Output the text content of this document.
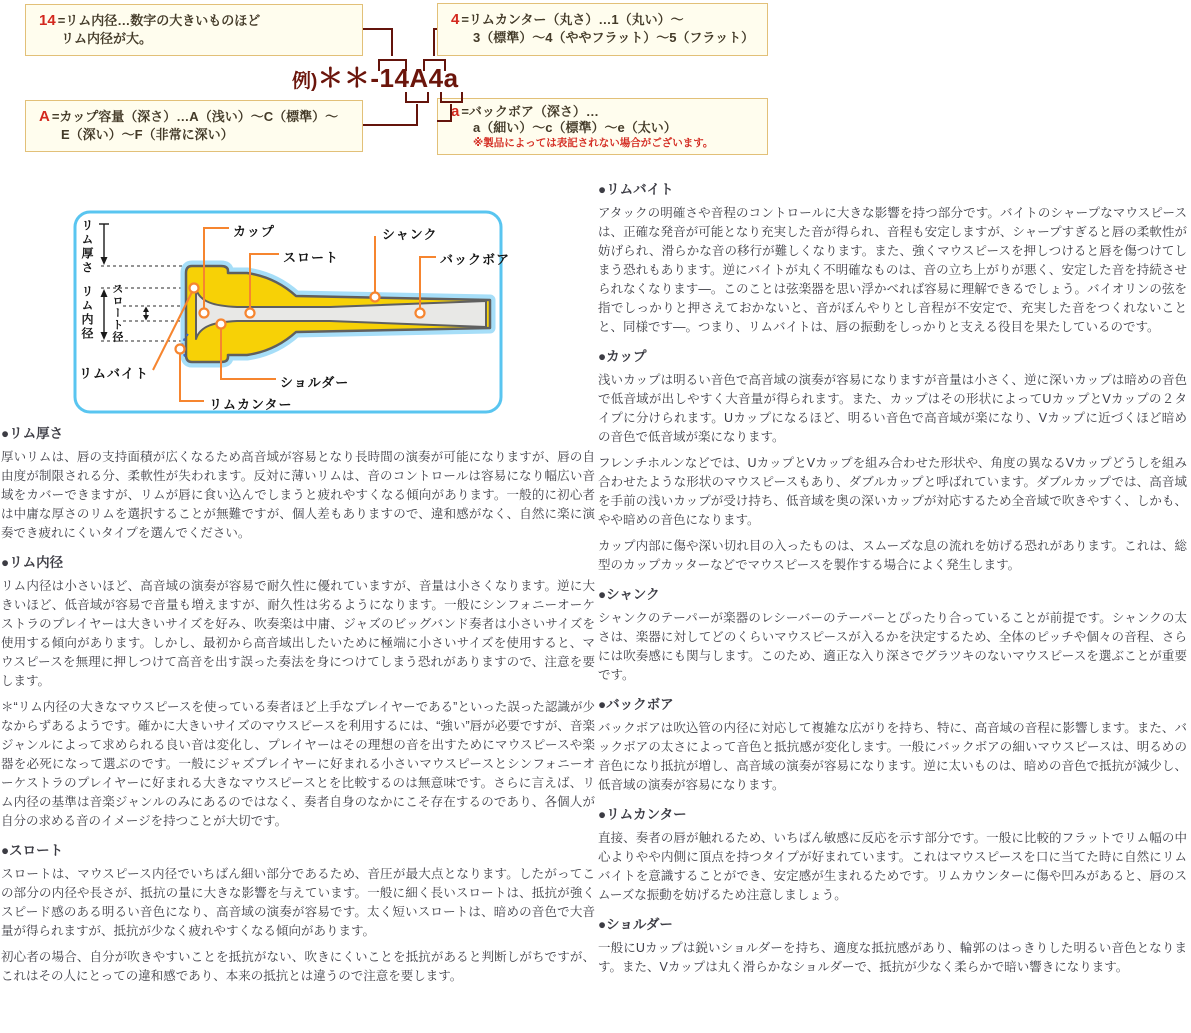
14 =リム内径…数字の大きいものほど
リム内径が大。
4 =リムカンター（丸さ）…1（丸い）～
3（標準）～4（ややフラット）～5（フラット）
A =カップ容量（深さ）…A（浅い）～C（標準）～
E（深い）～F（非常に深い）
a =バックボア（深さ）…
a（細い）～c（標準）～e（太い）
※製品によっては表記されない場合がございます。
例)＊＊-14A4a
リム厚さ
リム内径 スロート径
カップ
スロート
シャンク
バックボア
リムバイト
ショルダー
リムカンター
●リム厚さ

厚いリムは、唇の支持面積が広くなるため高音域が容易となり長時間の演奏が可能になりますが、唇の自由度が制限される分、柔軟性が失われます。反対に薄いリムは、音のコントロールは容易になり幅広い音域をカバーできますが、リムが唇に食い込んでしまうと疲れやすくなる傾向があります。一般的に初心者は中庸な厚さのリムを選択することが無難ですが、個人差もありますので、違和感がなく、自然に楽に演奏でき疲れにくいタイプを選んでください。

●リム内径

リム内径は小さいほど、高音域の演奏が容易で耐久性に優れていますが、音量は小さくなります。逆に大きいほど、低音域が容易で音量も増えますが、耐久性は劣るようになります。一般にシンフォニーオーケストラのプレイヤーは大きいサイズを好み、吹奏楽は中庸、ジャズのビッグバンド奏者は小さいサイズを使用する傾向があります。しかし、最初から高音域出したいために極端に小さいサイズを使用すると、マウスピースを無理に押しつけて高音を出す誤った奏法を身につけてしまう恐れがありますので、注意を要します。

＊“リム内径の大きなマウスピースを使っている奏者ほど上手なプレイヤーである”といった誤った認識が少なからずあるようです。確かに大きいサイズのマウスピースを利用するには、“強い”唇が必要ですが、音楽ジャンルによって求められる良い音は変化し、プレイヤーはその理想の音を出すためにマウスピースや楽器を必死になって選ぶのです。一般にジャズプレイヤーに好まれる小さいマウスピースとシンフォニーオーケストラのプレイヤーに好まれる大きなマウスピースとを比較するのは無意味です。さらに言えば、リム内径の基準は音楽ジャンルのみにあるのではなく、奏者自身のなかにこそ存在するのであり、各個人が自分の求める音のイメージを持つことが大切です。

●スロート

スロートは、マウスピース内径でいちばん細い部分であるため、音圧が最大点となります。したがってこの部分の内径や長さが、抵抗の量に大きな影響を与えています。一般に細く長いスロートは、抵抗が強くスピード感のある明るい音色になり、高音域の演奏が容易です。太く短いスロートは、暗めの音色で大音量が得られますが、抵抗が少なく疲れやすくなる傾向があります。

初心者の場合、自分が吹きやすいことを抵抗がない、吹きにくいことを抵抗があると判断しがちですが、これはその人にとっての違和感であり、本来の抵抗とは違うので注意を要します。

●リムバイト

アタックの明確さや音程のコントロールに大きな影響を持つ部分です。バイトのシャープなマウスピースは、正確な発音が可能となり充実した音が得られ、音程も安定しますが、シャープすぎると唇の柔軟性が妨げられ、滑らかな音の移行が難しくなります。また、強くマウスピースを押しつけると唇を傷つけてしまう恐れもあります。逆にバイトが丸く不明確なものは、音の立ち上がりが悪く、安定した音を持続させられなくなります―。このことは弦楽器を思い浮かべれば容易に理解できるでしょう。バイオリンの弦を指でしっかりと押さえておかないと、音がぼんやりとし音程が不安定で、充実した音をつくれないことと、同様です―。つまり、リムバイトは、唇の振動をしっかりと支える役目を果たしているのです。

●カップ

浅いカップは明るい音色で高音域の演奏が容易になりますが音量は小さく、逆に深いカップは暗めの音色で低音域が出しやすく大音量が得られます。また、カップはその形状によってUカップとVカップの２タイプに分けられます。Uカップになるほど、明るい音色で高音域が楽になり、Vカップに近づくほど暗めの音色で低音域が楽になります。

フレンチホルンなどでは、UカップとVカップを組み合わせた形状や、角度の異なるVカップどうしを組み合わせたような形状のマウスピースもあり、ダブルカップと呼ばれています。ダブルカップでは、高音域を手前の浅いカップが受け持ち、低音域を奥の深いカップが対応するため全音域で吹きやすく、しかも、やや暗めの音色になります。

カップ内部に傷や深い切れ目の入ったものは、スムーズな息の流れを妨げる恐れがあります。これは、総型のカップカッターなどでマウスピースを製作する場合によく発生します。

●シャンク

シャンクのテーパーが楽器のレシーバーのテーパーとぴったり合っていることが前提です。シャンクの太さは、楽器に対してどのくらいマウスピースが入るかを決定するため、全体のピッチや個々の音程、さらには吹奏感にも関与します。このため、適正な入り深さでグラツキのないマウスピースを選ぶことが重要です。

●バックボア

バックボアは吹込管の内径に対応して複雑な広がりを持ち、特に、高音域の音程に影響します。また、バックボアの太さによって音色と抵抗感が変化します。一般にバックボアの細いマウスピースは、明るめの音色になり抵抗が増し、高音域の演奏が容易になります。逆に太いものは、暗めの音色で抵抗が減少し、低音域の演奏が容易になります。

●リムカンター

直接、奏者の唇が触れるため、いちばん敏感に反応を示す部分です。一般に比較的フラットでリム幅の中心よりやや内側に頂点を持つタイプが好まれています。これはマウスピースを口に当てた時に自然にリムバイトを意識することができ、安定感が生まれるためです。リムカウンターに傷や凹みがあると、唇のスムーズな振動を妨げるため注意しましょう。

●ショルダー

一般にUカップは鋭いショルダーを持ち、適度な抵抗感があり、輪郭のはっきりした明るい音色となります。また、Vカップは丸く滑らかなショルダーで、抵抗が少なく柔らかで暗い響きになります。
